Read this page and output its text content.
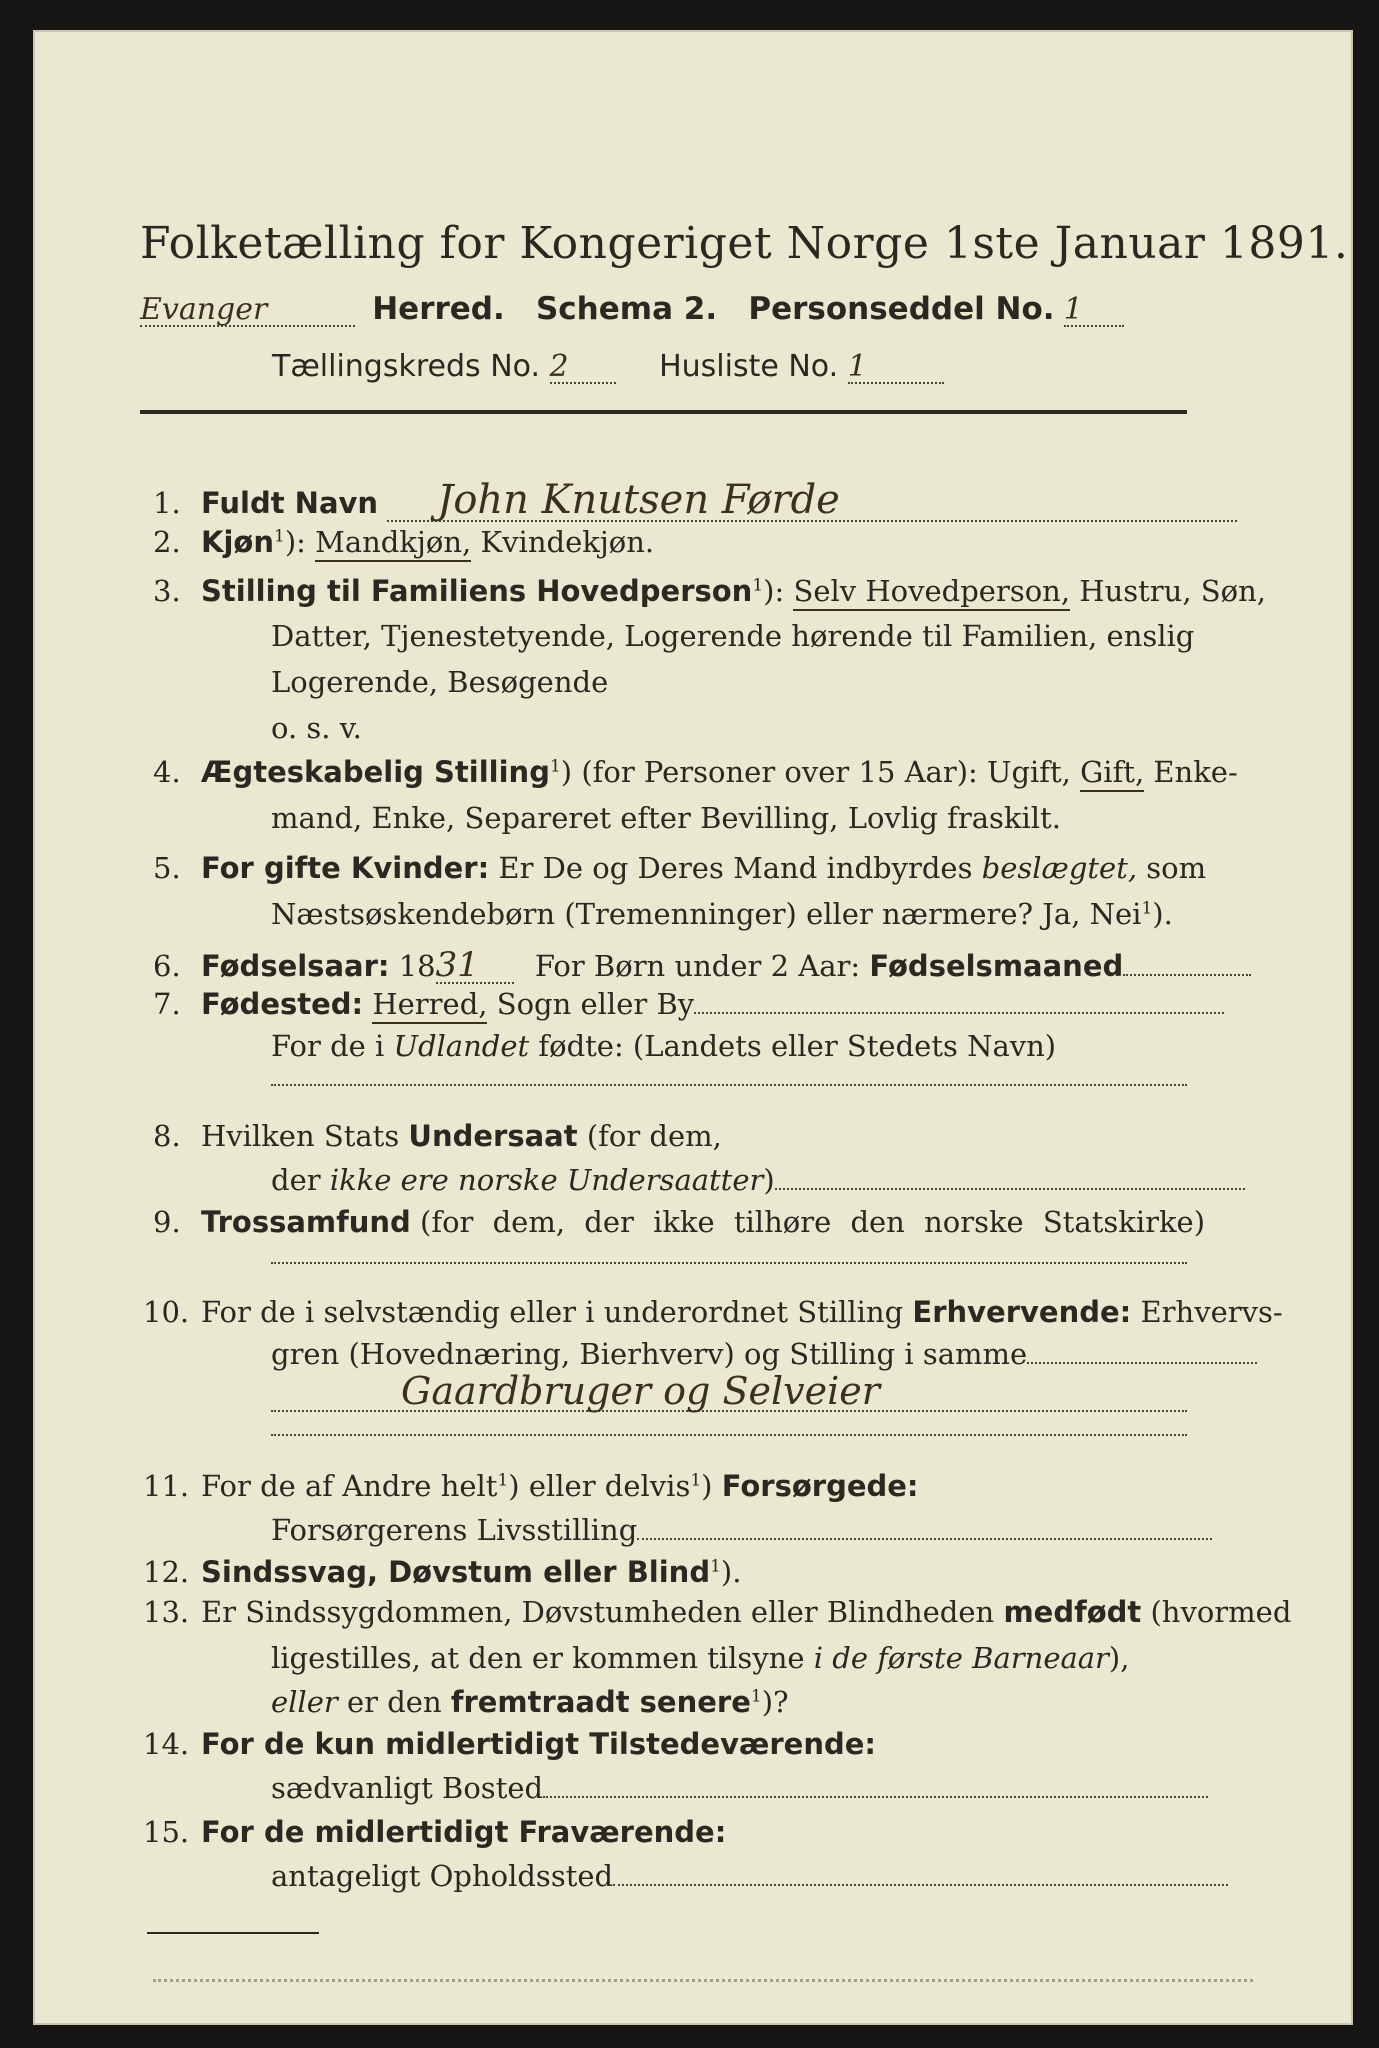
Folketælling for Kongeriget Norge 1ste Januar 1891.
Evanger	Herred. Schema 2. Personseddel No. 1
Tællingskreds No. 2	Husliste No. 1
1. Fuldt Navn John Knutsen Førde
2. Kjøn$^1$): Mandkjøn, Kvindekjøn.
3. Stilling til Familiens Hovedperson$^1$): Selv Hovedperson, Hustru, Søn,
Datter, Tjenestetyende, Logerende hørende til Familien, enslig
Logerende, Besøgende
o. s. v.
4. Ægteskabelig Stilling$^1$) (for Personer over 15 Aar): Ugift, Gift, Enke-
mand, Enke, Separeret efter Bevilling, Lovlig fraskilt.
5. For gifte Kvinder: Er De og Deres Mand indbyrdes beslægtet, som
Næstsøskendebørn (Tremenninger) eller nærmere? Ja, Nei$^1$).
6. Fødselsaar: 1831 For Børn under 2 Aar: Fødselsmaaned
7. Fødested: Herred, Sogn eller By
For de i Udlandet fødte: (Landets eller Stedets Navn)
8. Hvilken Stats Undersaat (for dem,
der ikke ere norske Undersaatter)
9. Trossamfund (for dem, der ikke tilhøre den norske Statskirke)
10. For de i selvstændig eller i underordnet Stilling Erhvervende: Erhvervs-
gren (Hovednæring, Bierhverv) og Stilling i samme
Gaardbruger og Selveier
11. For de af Andre helt$^1$) eller delvis$^1$) Forsørgede:
Forsørgerens Livsstilling
12. Sindssvag, Døvstum eller Blind$^1$).
13. Er Sindssygdommen, Døvstumheden eller Blindheden medfødt (hvormed
ligestilles, at den er kommen tilsyne i de første Barneaar),
eller er den fremtraadt senere$^1$)?
14. For de kun midlertidigt Tilstedeværende:
sædvanligt Bosted
15. For de midlertidigt Fraværende:
antageligt Opholdssted
